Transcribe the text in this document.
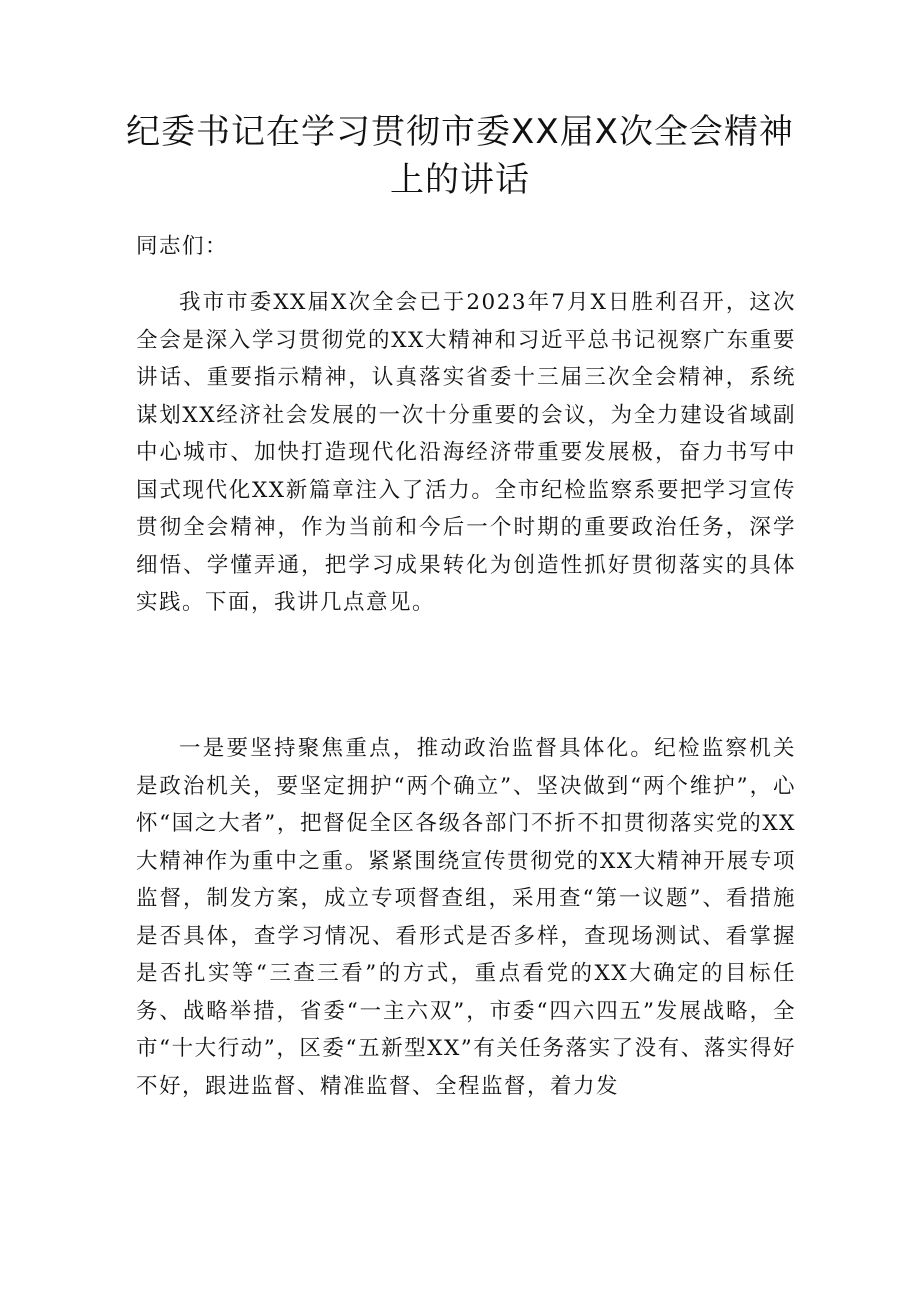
纪委书记在学习贯彻市委XX届X次全会精神上的讲话

同志们：

我市市委XX届X次全会已于2023年7月X日胜利召开，这次全会是深入学习贯彻党的XX大精神和习近平总书记视察广东重要讲话、重要指示精神，认真落实省委十三届三次全会精神，系统谋划XX经济社会发展的一次十分重要的会议，为全力建设省域副中心城市、加快打造现代化沿海经济带重要发展极，奋力书写中国式现代化XX新篇章注入了活力。全市纪检监察系要把学习宣传贯彻全会精神，作为当前和今后一个时期的重要政治任务，深学细悟、学懂弄通，把学习成果转化为创造性抓好贯彻落实的具体实践。下面，我讲几点意见。

一是要坚持聚焦重点，推动政治监督具体化。纪检监察机关是政治机关，要坚定拥护“两个确立”、坚决做到“两个维护”，心怀“国之大者”，把督促全区各级各部门不折不扣贯彻落实党的XX大精神作为重中之重。紧紧围绕宣传贯彻党的XX大精神开展专项监督，制发方案，成立专项督查组，采用查“第一议题”、看措施是否具体，查学习情况、看形式是否多样，查现场测试、看掌握是否扎实等“三查三看”的方式，重点看党的XX大确定的目标任务、战略举措，省委“一主六双”，市委“四六四五”发展战略，全市“十大行动”，区委“五新型XX”有关任务落实了没有、落实得好不好，跟进监督、精准监督、全程监督，着力发
